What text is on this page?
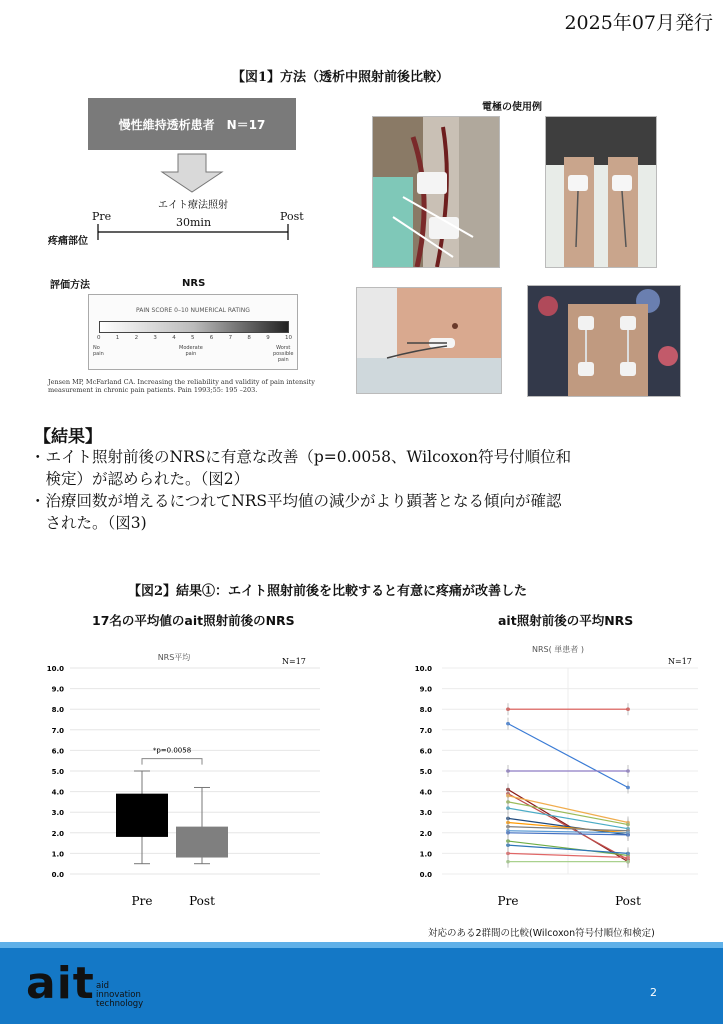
2025年07月発行
【図1】方法（透析中照射前後比較）
慢性維持透析患者　N＝17
エイト療法照射
Pre	30min	Post
疼痛部位
評価方法	NRS
PAIN SCORE 0–10 NUMERICAL RATING
0	1	2	3	4	5	6	7	8	9	10
No
pain
Moderate
pain
Worst
possible
pain
Jensen MP, McFarland CA. Increasing the reliability and validity of pain intensity measurement in chronic pain patients. Pain 1993;55: 195 –203.
電極の使用例
【結果】
・エイト照射前後のNRSに有意な改善（p=0.0058、Wilcoxon符号付順位和
　検定）が認められた。（図2）
・治療回数が増えるにつれてNRS平均値の減少がより顕著となる傾向が確認
　された。（図3)
【図2】結果①：エイト照射前後を比較すると有意に疼痛が改善した
17名の平均値のait照射前後のNRS	ait照射前後の平均NRS
NRS平均	N=17
0.0
1.0
2.0
3.0
4.0
5.0
6.0
7.0
8.0
9.0
10.0
Pre	Post
*p=0.0058
NRS( 単患者 )
N=17
0.0
1.0
2.0
3.0
4.0
5.0
6.0
7.0
8.0
9.0
10.0
Pre	Post
対応のある2群間の比較(Wilcoxon符号付順位和検定)
ait aid
innovation
technology
2
